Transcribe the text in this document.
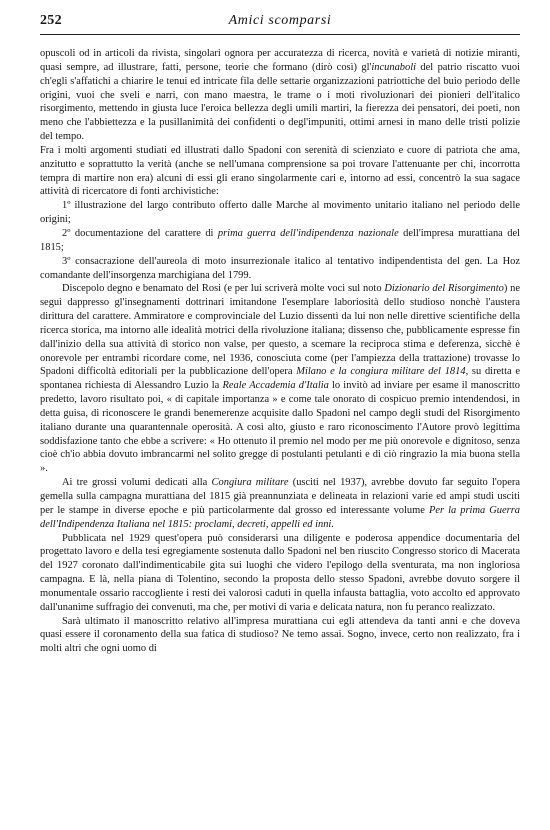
252	Amici scomparsi

opuscoli od in articoli da rivista, singolari ognora per accuratezza di ricerca, novità e varietà di notizie miranti, quasi sempre, ad illustrare, fatti, persone, teorie che formano (dirò così) gl'incunaboli del patrio riscatto vuoi ch'egli s'affatichi a chiarire le tenui ed intricate fila delle settarie organizzazioni patriottiche del buio periodo delle origini, vuoi che sveli e narri, con mano maestra, le trame o i moti rivoluzionari dei pionieri dell'italico risorgimento, mettendo in giusta luce l'eroica bellezza degli umili martiri, la fierezza dei pensatori, dei poeti, non meno che l'abbiettezza e la pusillanimità dei confidenti o degl'impuniti, ottimi arnesi in mano delle tristi polizie del tempo.

Fra i molti argomenti studiati ed illustrati dallo Spadoni con serenità di scienziato e cuore di patriota che ama, anzitutto e soprattutto la verità (anche se nell'umana comprensione sa poi trovare l'attenuante per chi, incorrotta tempra di martire non era) alcuni di essi gli erano singolarmente cari e, intorno ad essi, concentrò la sua sagace attività di ricercatore di fonti archivistiche:

1º illustrazione del largo contributo offerto dalle Marche al movimento unitario italiano nel periodo delle origini;

2º documentazione del carattere di prima guerra dell'indipendenza nazionale dell'impresa murattiana del 1815;

3º consacrazione dell'aureola di moto insurrezionale italico al tentativo indipendentista del gen. La Hoz comandante dell'insorgenza marchigiana del 1799.

Discepolo degno e benamato del Rosi (e per lui scriverà molte voci sul noto Dizionario del Risorgimento) ne seguì dappresso gl'insegnamenti dottrinari imitandone l'esemplare laboriosità dello studioso nonchè l'austera dirittura del carattere. Ammiratore e comprovinciale del Luzio dissentì da lui non nelle direttive scientifiche della ricerca storica, ma intorno alle idealità motrici della rivoluzione italiana; dissenso che, pubblicamente espresse fin dall'inizio della sua attività di storico non valse, per questo, a scemare la reciproca stima e deferenza, sicchè è onorevole per entrambi ricordare come, nel 1936, conosciuta come (per l'ampiezza della trattazione) trovasse lo Spadoni difficoltà editoriali per la pubblicazione dell'opera Milano e la congiura militare del 1814, su diretta e spontanea richiesta di Alessandro Luzio la Reale Accademia d'Italia lo invitò ad inviare per esame il manoscritto predetto, lavoro risultato poi, « di capitale importanza » e come tale onorato di cospicuo premio intendendosi, in detta guisa, di riconoscere le grandi benemerenze acquisite dallo Spadoni nel campo degli studi del Risorgimento italiano durante una quarantennale operosità. A così alto, giusto e raro riconoscimento l'Autore provò legittima soddisfazione tanto che ebbe a scrivere: « Ho ottenuto il premio nel modo per me più onorevole e dignitoso, senza cioè ch'io abbia dovuto imbrancarmi nel solito gregge di postulanti petulanti e di ciò ringrazio la mia buona stella ».

Ai tre grossi volumi dedicati alla Congiura militare (usciti nel 1937), avrebbe dovuto far seguito l'opera gemella sulla campagna murattiana del 1815 già preannunziata e delineata in relazioni varie ed ampi studi usciti per le stampe in diverse epoche e più particolarmente dal grosso ed interessante volume Per la prima Guerra dell'Indipendenza Italiana nel 1815: proclami, decreti, appelli ed inni.

Pubblicata nel 1929 quest'opera può considerarsi una diligente e poderosa appendice documentaria del progettato lavoro e della tesi egregiamente sostenuta dallo Spadoni nel ben riuscito Congresso storico di Macerata del 1927 coronato dall'indimenticabile gita sui luoghi che videro l'epilogo della sventurata, ma non ingloriosa campagna. E là, nella piana di Tolentino, secondo la proposta dello stesso Spadoni, avrebbe dovuto sorgere il monumentale ossario raccogliente i resti dei valorosi caduti in quella infausta battaglia, voto accolto ed approvato dall'unanime suffragio dei convenuti, ma che, per motivi di varia e delicata natura, non fu peranco realizzato.

Sarà ultimato il manoscritto relativo all'impresa murattiana cui egli attendeva da tanti anni e che doveva quasi essere il coronamento della sua fatica di studioso? Ne temo assai. Sogno, invece, certo non realizzato, fra i molti altri che ogni uomo di
